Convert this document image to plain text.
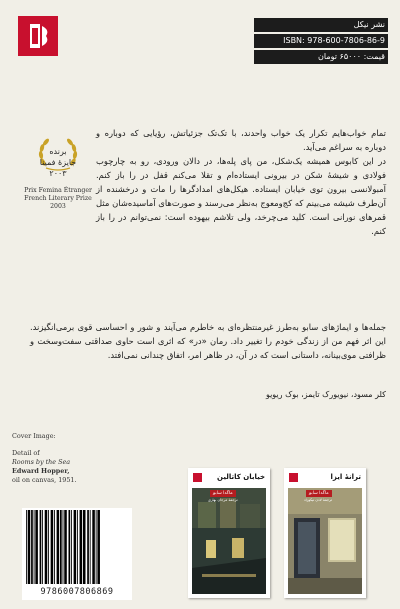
نشر نیکل
ISBN: 978-600-7806-86-9
قیمت: ۶۵۰۰۰ تومان
برنده
جایزهٔ فمینا
۲۰۰۳
Prix Femina Étranger
French Literary Prize
2003

تمام خواب‌هایم تکرار یک خواب واحدند، با تک‌تک جزئیاتش، رؤیایی که دوباره و دوباره به سراغم می‌آید.

در این کابوس همیشه یک‌شکل، من پای پله‌ها، در دالان ورودی، رو به چارچوب فولادی و شیشهٔ شکن در بیرونی ایستاده‌ام و تقلا می‌کنم قفل در را باز کنم. آمبولانسی بیرون توی خیابان ایستاده. هیکل‌های امدادگرها را مات و درخشنده از آن‌طرف شیشه می‌بینم که کج‌ومعوج به‌نظر می‌رسند و صورت‌های آماسیده‌شان مثل قمرهای نورانی است. کلید می‌چرخد، ولی تلاشم بیهوده است: نمی‌توانم در را باز کنم.

جمله‌ها و ایماژهای سابو به‌طرز غیرمنتظره‌ای به خاطرم می‌آیند و شور و احساسی قوی برمی‌انگیزند. این اثر فهم من از زندگی خودم را تغییر داد. رمان «در» که اثری است حاوی صداقتی سفت‌وسخت و ظرافتی موی‌بینانه، داستانی است که در آن، در ظاهر امر، اتفاق چندانی نمی‌افتد.

کلر مسود، نیویورک تایمز، بوک ریویو
Cover Image:
Detail of
Rooms by the Sea
Edward Hopper,
oil on canvas, 1951.
9786007806869
خیابان کاتالین
ماگدا سابو
ترجمهٔ مرجان بهاری
ترانهٔ ایزا
ماگدا سابو
ترجمهٔ لادن نیکوزاد
